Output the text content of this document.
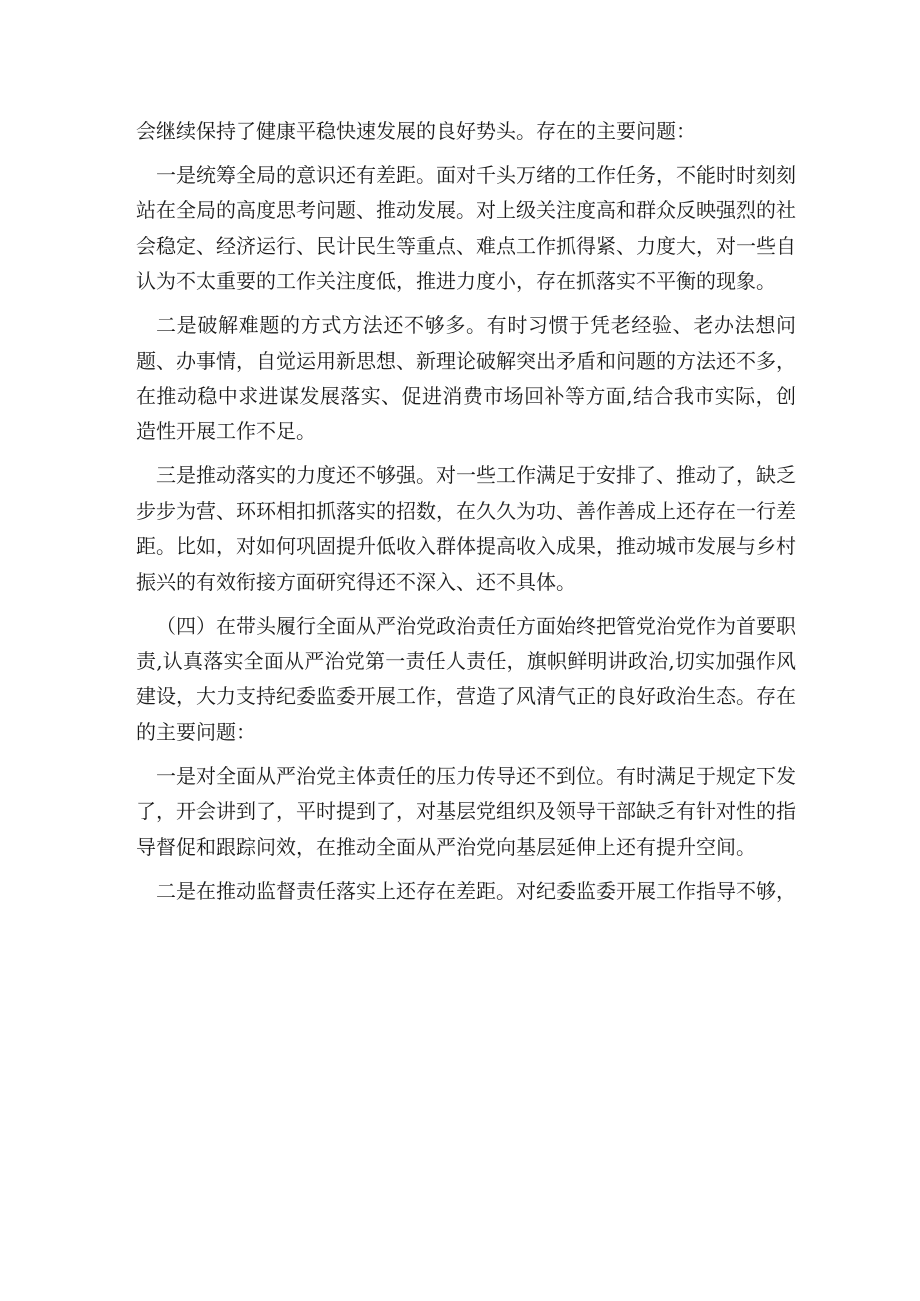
会继续保持了健康平稳快速发展的良好势头。存在的主要问题：

一是统筹全局的意识还有差距。面对千头万绪的工作任务，不能时时刻刻站在全局的高度思考问题、推动发展。对上级关注度高和群众反映强烈的社会稳定、经济运行、民计民生等重点、难点工作抓得紧、力度大，对一些自认为不太重要的工作关注度低，推进力度小，存在抓落实不平衡的现象。

二是破解难题的方式方法还不够多。有时习惯于凭老经验、老办法想问题、办事情，自觉运用新思想、新理论破解突出矛盾和问题的方法还不多，在推动稳中求进谋发展落实、促进消费市场回补等方面,结合我市实际，创造性开展工作不足。

三是推动落实的力度还不够强。对一些工作满足于安排了、推动了，缺乏步步为营、环环相扣抓落实的招数，在久久为功、善作善成上还存在一行差距。比如，对如何巩固提升低收入群体提高收入成果，推动城市发展与乡村振兴的有效衔接方面研究得还不深入、还不具体。

（四）在带头履行全面从严治党政治责任方面始终把管党治党作为首要职责,认真落实全面从严治党第一责任人责任，旗帜鲜明讲政治,切实加强作风建设，大力支持纪委监委开展工作，营造了风清气正的良好政治生态。存在的主要问题：

一是对全面从严治党主体责任的压力传导还不到位。有时满足于规定下发了，开会讲到了，平时提到了，对基层党组织及领导干部缺乏有针对性的指导督促和跟踪问效，在推动全面从严治党向基层延伸上还有提升空间。

二是在推动监督责任落实上还存在差距。对纪委监委开展工作指导不够，
